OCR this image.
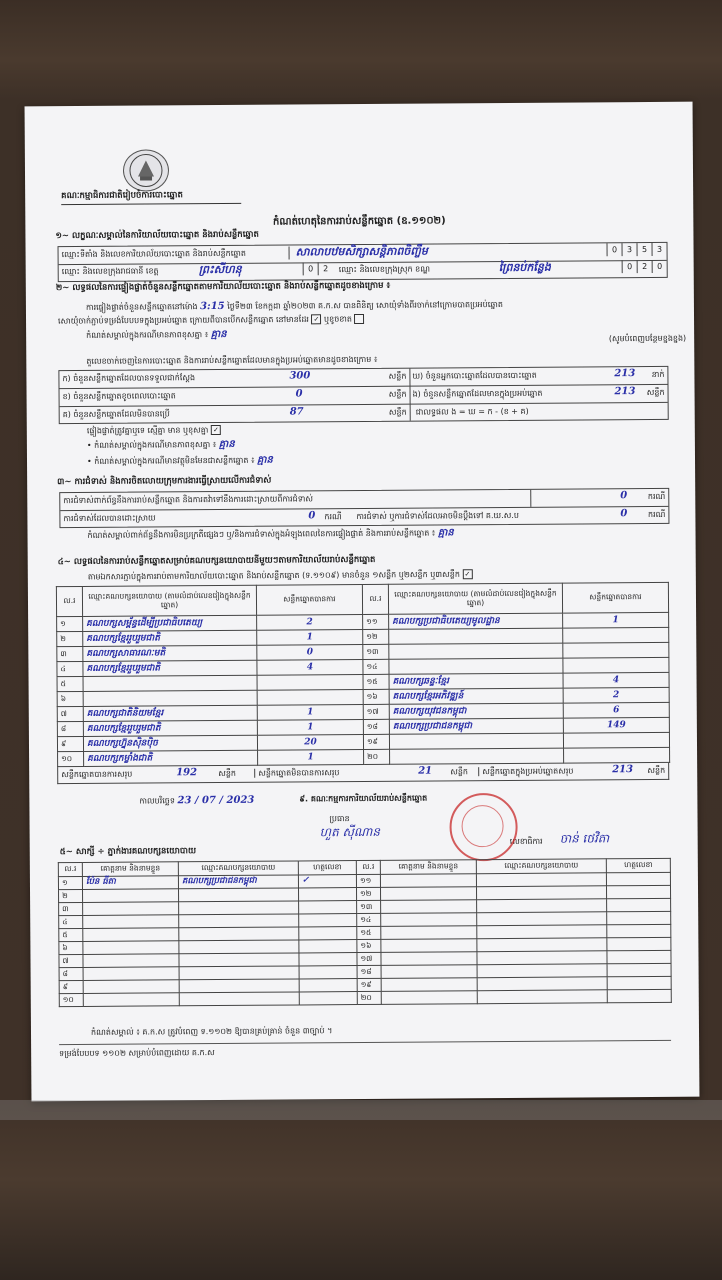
គណៈកម្មាធិការជាតិរៀបចំការបោះឆ្នោត
កំណត់ហេតុនៃការរាប់សន្លឹកឆ្នោត (ឧ.១១០២)
១~ លក្ខណៈសម្គាល់នៃការិយាល័យបោះឆ្នោត និងរាប់សន្លឹកឆ្នោត
ឈ្មោះទីតាំង និងលេខការិយាល័យបោះឆ្នោត និងរាប់សន្លឹកឆ្នោត	សាលាបឋមសិក្សាសន្តិភាពចិញ្ចឹម	0 3 5 3
ឈ្មោះ និងលេខក្រុងរាជធានី ខេត្ត	ព្រះសីហនុ	0 2	ឈ្មោះ និងលេខក្រុងស្រុក ខណ្ឌ	ព្រៃនប់កន្លែង	0 2 0
២~ លទ្ធផលនៃការផ្ទៀងផ្ទាត់ចំនួនសន្លឹកឆ្នោតតាមការិយាល័យបោះឆ្នោត និងរាប់សន្លឹកឆ្នោតដូចខាងក្រោម ៖
ការផ្ទៀងផ្ទាត់ចំនួនសន្លឹកឆ្នោតនៅម៉ោង 3:15 ថ្ងៃទី២៣ ខែកក្កដា ឆ្នាំ២០២៣ គ.ក.ស បានពិនិត្យ សោយុំទាំងពីរចាក់នៅក្រោមបាតប្រអប់ឆ្នោត
សោយុំចាក់ភ្ជាប់ទម្រង់បែបបទក្នុងប្រអប់ឆ្នោត ក្រោយពីបានបើកសន្លឹកឆ្នោត នៅមានដែរ ✓ ឬខូចខាត
កំណត់សម្គាល់ក្នុងករណីមានភាពខុសគ្នា ៖ គ្មាន	(សូមបំពេញបន្ថែមខ្នងខ្នង)
តួលេខចាក់ចេញនៃការបោះឆ្នោត និងការរាប់សន្លឹកឆ្នោតដែលមានក្នុងប្រអប់ឆ្នោតមានដូចខាងក្រោម ៖
ក) ចំនួនសន្លឹកឆ្នោតដែលបានទទួលជាក់ស្តែង	300	សន្លឹក
ខ) ចំនួនសន្លឹកឆ្នោតខូចពេលបោះឆ្នោត	0	សន្លឹក
គ) ចំនួនសន្លឹកឆ្នោតដែលមិនបានប្រើ	87	សន្លឹក
ឃ) ចំនួនអ្នកបោះឆ្នោតដែលបានបោះឆ្នោត	213 នាក់
ង) ចំនួនសន្លឹកឆ្នោតដែលមានក្នុងប្រអប់ឆ្នោត	213 សន្លឹក
ជាលទ្ធផល ង = ឃ = ក - (ខ + គ)
ផ្ទៀងផ្ទាត់ត្រូវគ្នាឬទេ ស្មើគ្នា មាន ឬខុសគ្នា ✓
• កំណត់សម្គាល់ក្នុងករណីមានភាពខុសគ្នា ៖ គ្មាន
• កំណត់សម្គាល់ក្នុងករណីមានវត្ថុមិនមែនជាសន្លឹកឆ្នោត ៖ គ្មាន
៣~ ការជំទាស់ និងការចិតលោយក្រុមការងារធ្វើស្រាយលើការជំទាស់
ការជំទាស់ពាក់ព័ន្ធនឹងការរាប់សន្លឹកឆ្នោត និងការតវ៉ាទៅនឹងការដោះស្រាយពីការជំទាស់	0	ករណី
ការជំទាស់ដែលបានដោះស្រាយ	0 ករណី ការជំទាស់ ឬការជំទាស់ដែលអាចមិនប្តឹងទៅ គ.ឃ.ស.ប	0	ករណី
កំណត់សម្គាល់ពាក់ព័ន្ធនឹងការមិនប្រក្រតីផ្សេងៗ ឬ/និងការជំទាស់ក្នុងអំឡុងពេលនៃការផ្ទៀងផ្ទាត់ និងការរាប់សន្លឹកឆ្នោត ៖ គ្មាន
៤~ លទ្ធផលនៃការរាប់សន្លឹកឆ្នោតសម្រាប់គណបក្សនយោបាយនីមួយៗតាមការិយាល័យរាប់សន្លឹកឆ្នោត
តាមឯកសារភ្ជាប់ក្នុងការរាប់តាមការិយាល័យបោះឆ្នោត និងរាប់សន្លឹកឆ្នោត (ទ.១១០៩) មានចំនួន ១សន្លឹក ឬ២សន្លឹក ឬ៣សន្លឹក ✓
ល.រ	ឈ្មោះគណបក្សនយោបាយ (តាមលំដាប់លេខរៀងក្នុងសន្លឹកឆ្នោត)	សន្លឹកឆ្នោតបានការ	ល.រ	ឈ្មោះគណបក្សនយោបាយ (តាមលំដាប់លេខរៀងក្នុងសន្លឹកឆ្នោត)	សន្លឹកឆ្នោតបានការ
១	គណបក្សសម្ព័ន្ធដើម្បីប្រជាធិបតេយ្យ	2	១១	គណបក្សប្រជាធិបតេយ្យមូលដ្ឋាន	1
២	គណបក្សខ្មែររួបរួមជាតិ	1	១២		
៣	គណបក្សសាធារណៈមតិ	0	១៣		
៤	គណបក្សខ្មែររួបរួមជាតិ	4	១៤		
៥			១៥	គណបក្សឆន្ទៈខ្មែរ	4
៦			១៦	គណបក្សខ្មែរអភិវឌ្ឍន៍	2
៧	គណបក្សជាតិនិយមខ្មែរ	1	១៧	គណបក្សយុវជនកម្ពុជា	6
៨	គណបក្សខ្មែររួបរួមជាតិ	1	១៨	គណបក្សប្រជាជនកម្ពុជា	149
៩	គណបក្សហ្វ៊ុនស៊ិនប៉ិច	20	១៩		
១០	គណបក្សកម្លាំងជាតិ	1	២០		
សន្លឹកឆ្នោតបានការសរុប	192	សន្លឹក	សន្លឹកឆ្នោតមិនបានការសរុប	21 សន្លឹក	សន្លឹកឆ្នោតក្នុងប្រអប់ឆ្នោតសរុប	213 សន្លឹក
កាលបរិច្ឆេទ 23 / 07 / 2023	៩. គណៈកម្មការការិយាល័យរាប់សន្លឹកឆ្នោត
ប្រធាន
ហួត ស៊ីណាន
លេខាធិការ ចាន់ ថេវិតា
៥~ សាក្សី ÷ ភ្នាក់ងារគណបក្សនយោបាយ
ល.រ	គោត្តនាម និងនាមខ្លួន	ឈ្មោះគណបក្សនយោបាយ	ហត្ថលេខា	ល.រ	គោត្តនាម និងនាមខ្លួន	ឈ្មោះគណបក្សនយោបាយ	ហត្ថលេខា
១	ប៉ែន ធីតា	គណបក្សប្រជាជនកម្ពុជា	✓	១១			
២				១២			
៣				១៣			
៤				១៤			
៥				១៥			
៦				១៦			
៧				១៧			
៨				១៨			
៩				១៩			
១០				២០			
កំណត់សម្គាល់ ៖ គ.ក.ស ត្រូវបំពេញ ទ.១១០២ ឱ្យបានគ្រប់គ្រាន់ ចំនួន ៣ច្បាប់ ។
ទម្រង់បែបបទ ១១០២ សម្រាប់បំពេញដោយ គ.ក.ស
